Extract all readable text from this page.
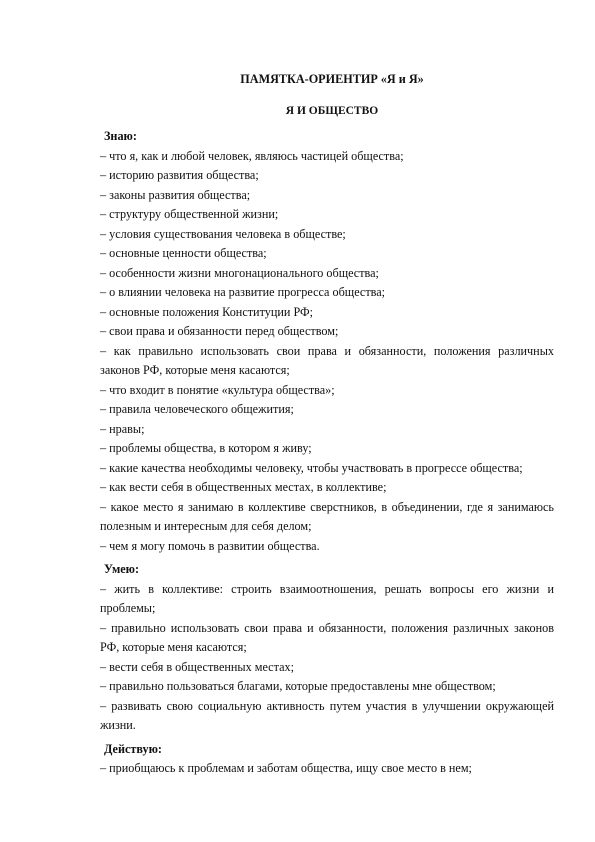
ПАМЯТКА-ОРИЕНТИР «Я и Я»
Я И ОБЩЕСТВО
Знаю:
– что я, как и любой человек, являюсь частицей общества;
– историю развития общества;
– законы развития общества;
– структуру общественной жизни;
– условия существования человека в обществе;
– основные ценности общества;
– особенности жизни многонационального общества;
– о влиянии человека на развитие прогресса общества;
– основные положения Конституции РФ;
– свои права и обязанности перед обществом;
– как правильно использовать свои права и обязанности, положения различных законов РФ, которые меня касаются;
– что входит в понятие «культура общества»;
– правила человеческого общежития;
– нравы;
– проблемы общества, в котором я живу;
– какие качества необходимы человеку, чтобы участвовать в прогрессе общества;
– как вести себя в общественных местах, в коллективе;
– какое место я занимаю в коллективе сверстников, в объединении, где я занимаюсь полезным и интересным для себя делом;
– чем я могу помочь в развитии общества.
Умею:
– жить в коллективе: строить взаимоотношения, решать вопросы его жизни и проблемы;
– правильно использовать свои права и обязанности, положения различных законов РФ, которые меня касаются;
– вести себя в общественных местах;
– правильно пользоваться благами, которые предоставлены мне обществом;
– развивать свою социальную активность путем участия в улучшении окружающей жизни.
Действую:
– приобщаюсь к проблемам и заботам общества, ищу свое место в нем;
